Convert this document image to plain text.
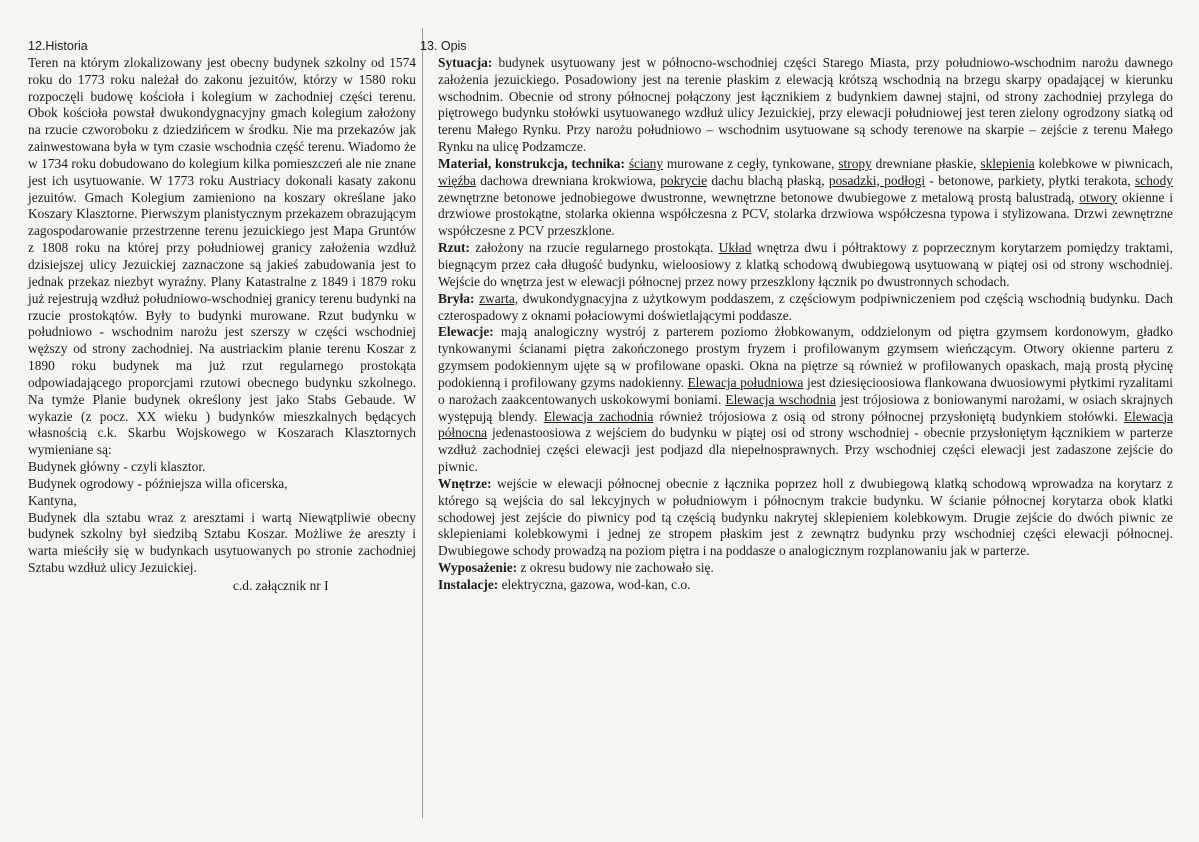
12.Historia

Teren na którym zlokalizowany jest obecny budynek szkolny od 1574 roku do 1773 roku należał do zakonu jezuitów, którzy w 1580 roku rozpoczęli budowę kościoła i kolegium w zachodniej części terenu. Obok kościoła powstał dwukondygnacyjny gmach kolegium założony na rzucie czworoboku z dziedzińcem w środku. Nie ma przekazów jak zainwestowana była w tym czasie wschodnia część terenu. Wiadomo że w 1734 roku dobudowano do kolegium kilka pomieszczeń ale nie znane jest ich usytuowanie. W 1773 roku Austriacy dokonali kasaty zakonu jezuitów. Gmach Kolegium zamieniono na koszary określane jako Koszary Klasztorne. Pierwszym planistycznym przekazem obrazującym zagospodarowanie przestrzenne terenu jezuickiego jest Mapa Gruntów z 1808 roku na której przy południowej granicy założenia wzdłuż dzisiejszej ulicy Jezuickiej zaznaczone są jakieś zabudowania jest to jednak przekaz niezbyt wyraźny. Plany Katastralne z 1849 i 1879 roku już rejestrują wzdłuż południowo-wschodniej granicy terenu budynki na rzucie prostokątów. Były to budynki murowane. Rzut budynku w południowo - wschodnim narożu jest szerszy w części wschodniej węższy od strony zachodniej. Na austriackim planie terenu Koszar z 1890 roku budynek ma już rzut regularnego prostokąta odpowiadającego proporcjami rzutowi obecnego budynku szkolnego. Na tymże Planie budynek określony jest jako Stabs Gebaude. W wykazie (z pocz. XX wieku ) budynków mieszkalnych będących własnością c.k. Skarbu Wojskowego w Koszarach Klasztornych wymieniane są:

Budynek główny - czyli klasztor.

Budynek ogrodowy - późniejsza willa oficerska,

Kantyna,

Budynek dla sztabu wraz z aresztami i wartą Niewątpliwie obecny budynek szkolny był siedzibą Sztabu Koszar. Możliwe że areszty i warta mieściły się w budynkach usytuowanych po stronie zachodniej Sztabu wzdłuż ulicy Jezuickiej.

c.d. załącznik nr I

13. Opis

Sytuacja: budynek usytuowany jest w północno-wschodniej części Starego Miasta, przy południowo-wschodnim narożu dawnego założenia jezuickiego. Posadowiony jest na terenie płaskim z elewacją krótszą wschodnią na brzegu skarpy opadającej w kierunku wschodnim. Obecnie od strony północnej połączony jest łącznikiem z budynkiem dawnej stajni, od strony zachodniej przylega do piętrowego budynku stołówki usytuowanego wzdłuż ulicy Jezuickiej, przy elewacji południowej jest teren zielony ogrodzony siatką od terenu Małego Rynku. Przy narożu południowo – wschodnim usytuowane są schody terenowe na skarpie – zejście z terenu Małego Rynku na ulicę Podzamcze.

Materiał, konstrukcja, technika: ściany murowane z cegły, tynkowane, stropy drewniane płaskie, sklepienia kolebkowe w piwnicach, więźba dachowa drewniana krokwiowa, pokrycie dachu blachą płaską, posadzki, podłogi - betonowe, parkiety, płytki terakota, schody zewnętrzne betonowe jednobiegowe dwustronne, wewnętrzne betonowe dwubiegowe z metalową prostą balustradą, otwory okienne i drzwiowe prostokątne, stolarka okienna współczesna z PCV, stolarka drzwiowa współczesna typowa i stylizowana. Drzwi zewnętrzne współczesne z PCV przeszklone.

Rzut: założony na rzucie regularnego prostokąta. Układ wnętrza dwu i półtraktowy z poprzecznym korytarzem pomiędzy traktami, biegnącym przez cała długość budynku, wieloosiowy z klatką schodową dwubiegową usytuowaną w piątej osi od strony wschodniej. Wejście do wnętrza jest w elewacji północnej przez nowy przeszklony łącznik po dwustronnych schodach.

Bryła: zwarta, dwukondygnacyjna z użytkowym poddaszem, z częściowym podpiwniczeniem pod częścią wschodnią budynku. Dach czterospadowy z oknami połaciowymi doświetlającymi poddasze.

Elewacje: mają analogiczny wystrój z parterem poziomo żłobkowanym, oddzielonym od piętra gzymsem kordonowym, gładko tynkowanymi ścianami piętra zakończonego prostym fryzem i profilowanym gzymsem wieńczącym. Otwory okienne parteru z gzymsem podokiennym ujęte są w profilowane opaski. Okna na piętrze są również w profilowanych opaskach, mają prostą płycinę podokienną i profilowany gzyms nadokienny. Elewacja południowa jest dziesięcioosiowa flankowana dwuosiowymi płytkimi ryzalitami o narożach zaakcentowanych uskokowymi boniami. Elewacja wschodnia jest trójosiowa z boniowanymi narożami, w osiach skrajnych występują blendy. Elewacja zachodnia również trójosiowa z osią od strony północnej przysłoniętą budynkiem stołówki. Elewacja północna jedenastoosiowa z wejściem do budynku w piątej osi od strony wschodniej - obecnie przysłoniętym łącznikiem w parterze wzdłuż zachodniej części elewacji jest podjazd dla niepełnosprawnych. Przy wschodniej części elewacji jest zadaszone zejście do piwnic.

Wnętrze: wejście w elewacji północnej obecnie z łącznika poprzez holl z dwubiegową klatką schodową wprowadza na korytarz z którego są wejścia do sal lekcyjnych w południowym i północnym trakcie budynku. W ścianie północnej korytarza obok klatki schodowej jest zejście do piwnicy pod tą częścią budynku nakrytej sklepieniem kolebkowym. Drugie zejście do dwóch piwnic ze sklepieniami kolebkowymi i jednej ze stropem płaskim jest z zewnątrz budynku przy wschodniej części elewacji północnej. Dwubiegowe schody prowadzą na poziom piętra i na poddasze o analogicznym rozplanowaniu jak w parterze.

Wyposażenie: z okresu budowy nie zachowało się.

Instalacje: elektryczna, gazowa, wod-kan, c.o.
